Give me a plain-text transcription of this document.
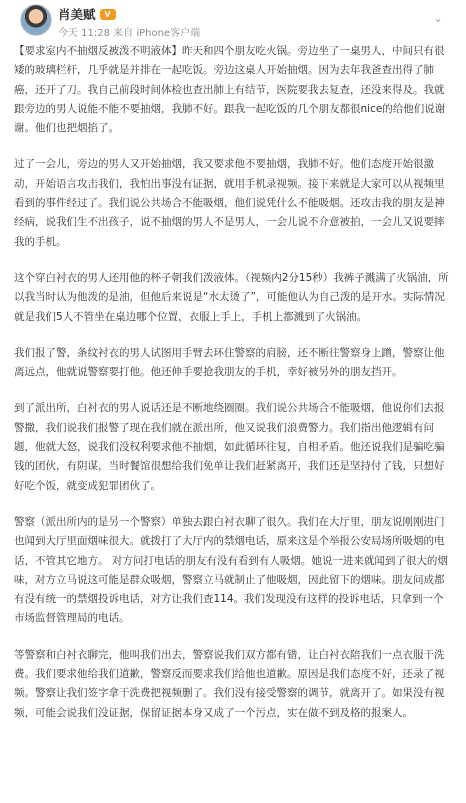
肖美赋	V
今天 11:28 来自 iPhone客户端
⌄

【要求室内不抽烟反被泼不明液体】昨天和四个朋友吃火锅。旁边坐了一桌男人，中间只有很矮的玻璃栏杆，几乎就是并排在一起吃饭。旁边这桌人开始抽烟。因为去年我爸查出得了肺癌，还开了刀。我自己前段时间体检也查出肺上有结节，医院要我去复查，还没来得及。我就跟旁边的男人说能不能不要抽烟，我肺不好。跟我一起吃饭的几个朋友都很nice的给他们说谢谢。他们也把烟掐了。

过了一会儿，旁边的男人又开始抽烟，我又要求他不要抽烟，我肺不好。他们态度开始很激动，开始语言攻击我们，我怕出事没有证据，就用手机录视频。接下来就是大家可以从视频里看到的事件经过了。我们说公共场合不能吸烟，他们说凭什么不能吸烟。还攻击我的朋友是神经病，说我们生不出孩子，说不抽烟的男人不是男人，一会儿说不介意被拍，一会儿又说要摔我的手机。

这个穿白衬衣的男人还用他的杯子朝我们泼液体。（视频内2分15秒）我裤子溅满了火锅油，所以我当时认为他泼的是油，但他后来说是“水太烫了”，可能他认为自己泼的是开水。实际情况就是我们5人不管坐在桌边哪个位置，衣服上手上，手机上都溅到了火锅油。

我们报了警，条纹衬衣的男人试图用手臂去环住警察的肩膀，还不断往警察身上蹭，警察让他离远点，他就说警察要打他。他还伸手要抢我朋友的手机，幸好被另外的朋友挡开。

到了派出所，白衬衣的男人说话还是不断地绕圈圈。我们说公共场合不能吸烟，他说你们去报警撒，我们说我们报警了现在我们就在派出所，他又说我们浪费警力。我们指出他逻辑有问题，他就大怒，说我们没权利要求他不抽烟，如此循环往复，自相矛盾。他还说我们是骗吃骗钱的团伙，有阴谋，当时餐馆很想给我们免单让我们赶紧离开，我们还是坚持付了钱，只想好好吃个饭，就变成犯罪团伙了。

警察（派出所内的是另一个警察）单独去跟白衬衣聊了很久。我们在大厅里，朋友说刚刚进门也闻到大厅里面烟味很大。就拨打了大厅内的禁烟电话，原来这是个举报公安局场所吸烟的电话，不管其它地方。 对方问打电话的朋友有没有看到有人吸烟。她说一进来就闻到了很大的烟味，对方立马说这可能是群众吸烟，警察立马就制止了他吸烟，因此留下的烟味。朋友问成都有没有统一的禁烟投诉电话，对方让我们查114。我们发现没有这样的投诉电话，只拿到一个市场监督管理局的电话。

等警察和白衬衣聊完，他叫我们出去，警察说我们双方都有错，让白衬衣陪我们一点衣服干洗费。我们要求他给我们道歉，警察反而要求我们给他也道歉。原因是我们态度不好，还录了视频。警察让我们签字拿干洗费把视频删了。我们没有接受警察的调节，就离开了。如果没有视频，可能会说我们没证据，保留证据本身又成了一个污点，实在做不到及格的报案人。
